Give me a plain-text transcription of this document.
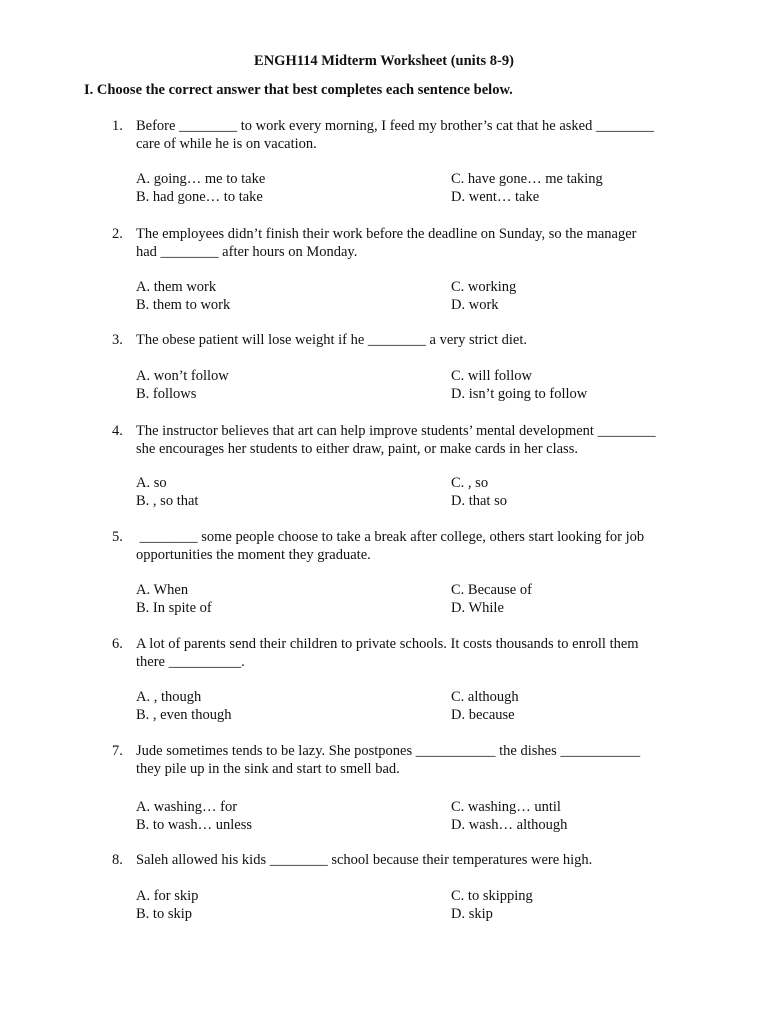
ENGH114 Midterm Worksheet (units 8-9)
I. Choose the correct answer that best completes each sentence below.
1. Before ________ to work every morning, I feed my brother’s cat that he asked ________
care of while he is on vacation.
A. going… me to take
B. had gone… to take
C. have gone… me taking
D. went… take
2. The employees didn’t finish their work before the deadline on Sunday, so the manager
had ________ after hours on Monday.
A. them work
B. them to work
C. working
D. work
3. The obese patient will lose weight if he ________ a very strict diet.
A. won’t follow
B. follows
C. will follow
D. isn’t going to follow
4. The instructor believes that art can help improve students’ mental development ________
she encourages her students to either draw, paint, or make cards in her class.
A. so
B. , so that
C. , so
D. that so
5. ________ some people choose to take a break after college, others start looking for job
opportunities the moment they graduate.
A. When
B. In spite of
C. Because of
D. While
6. A lot of parents send their children to private schools. It costs thousands to enroll them
there __________.
A. , though
B. , even though
C. although
D. because
7. Jude sometimes tends to be lazy. She postpones ___________ the dishes ___________
they pile up in the sink and start to smell bad.
A. washing… for
B. to wash… unless
C. washing… until
D. wash… although
8. Saleh allowed his kids ________ school because their temperatures were high.
A. for skip
B. to skip
C. to skipping
D. skip
